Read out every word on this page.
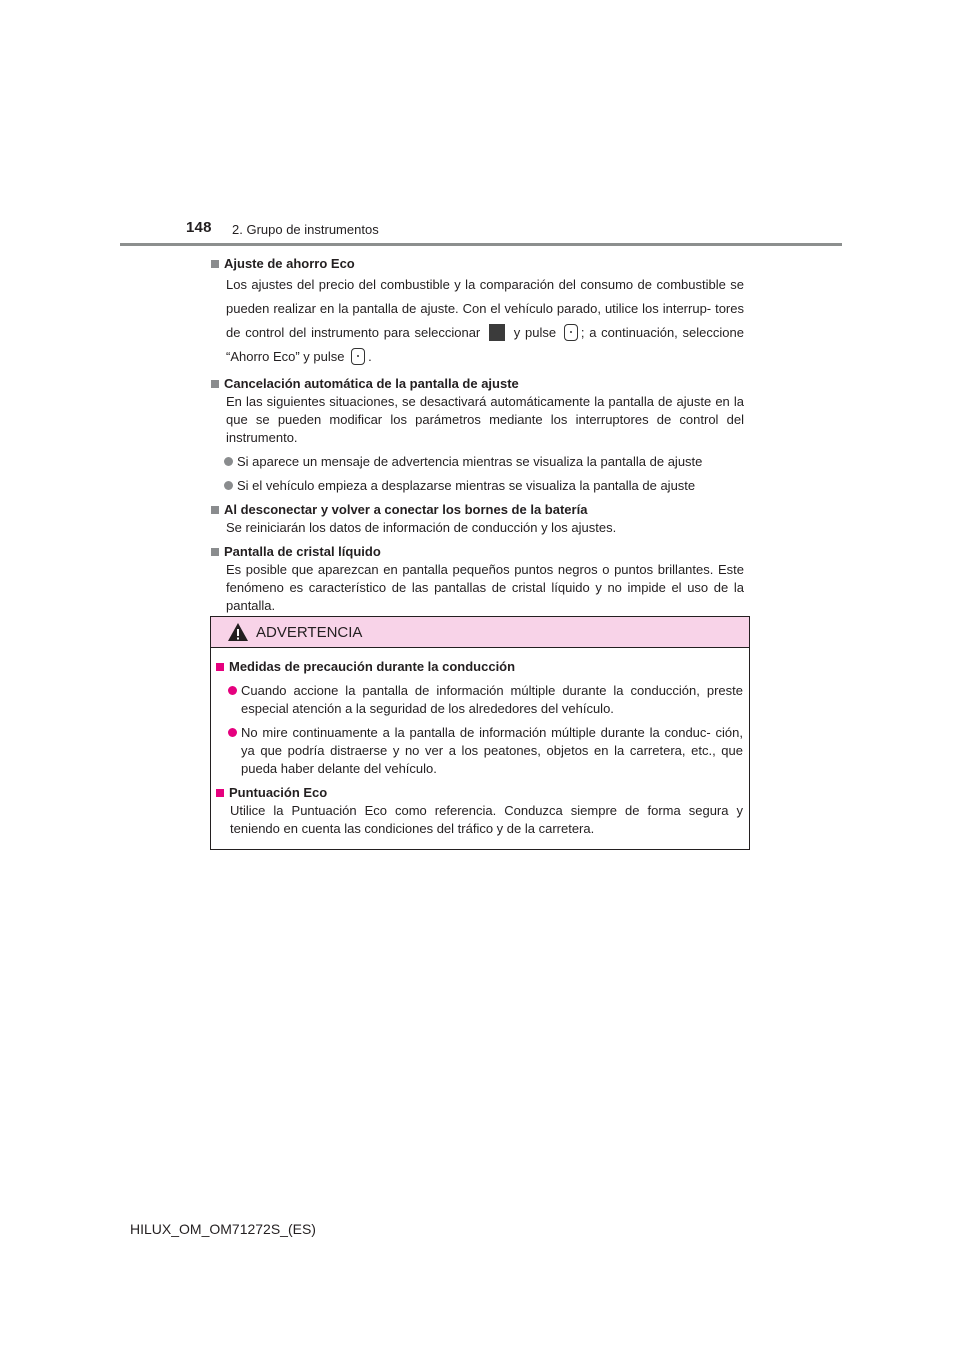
148 2. Grupo de instrumentos
Ajuste de ahorro Eco
Los ajustes del precio del combustible y la comparación del consumo de combustible se pueden realizar en la pantalla de ajuste. Con el vehículo parado, utilice los interrup- tores de control del instrumento para seleccionar	y pulse ; a continuación, seleccione “Ahorro Eco” y pulse .
Cancelación automática de la pantalla de ajuste
En las siguientes situaciones, se desactivará automáticamente la pantalla de ajuste en la que se pueden modificar los parámetros mediante los interruptores de control del instrumento.
Si aparece un mensaje de advertencia mientras se visualiza la pantalla de ajuste
Si el vehículo empieza a desplazarse mientras se visualiza la pantalla de ajuste
Al desconectar y volver a conectar los bornes de la batería
Se reiniciarán los datos de información de conducción y los ajustes.
Pantalla de cristal líquido
Es posible que aparezcan en pantalla pequeños puntos negros o puntos brillantes. Este fenómeno es característico de las pantallas de cristal líquido y no impide el uso de la pantalla.
ADVERTENCIA
Medidas de precaución durante la conducción
Cuando accione la pantalla de información múltiple durante la conducción, preste especial atención a la seguridad de los alrededores del vehículo.
No mire continuamente a la pantalla de información múltiple durante la conduc- ción, ya que podría distraerse y no ver a los peatones, objetos en la carretera, etc., que pueda haber delante del vehículo.
Puntuación Eco
Utilice la Puntuación Eco como referencia. Conduzca siempre de forma segura y teniendo en cuenta las condiciones del tráfico y de la carretera.
HILUX_OM_OM71272S_(ES)
